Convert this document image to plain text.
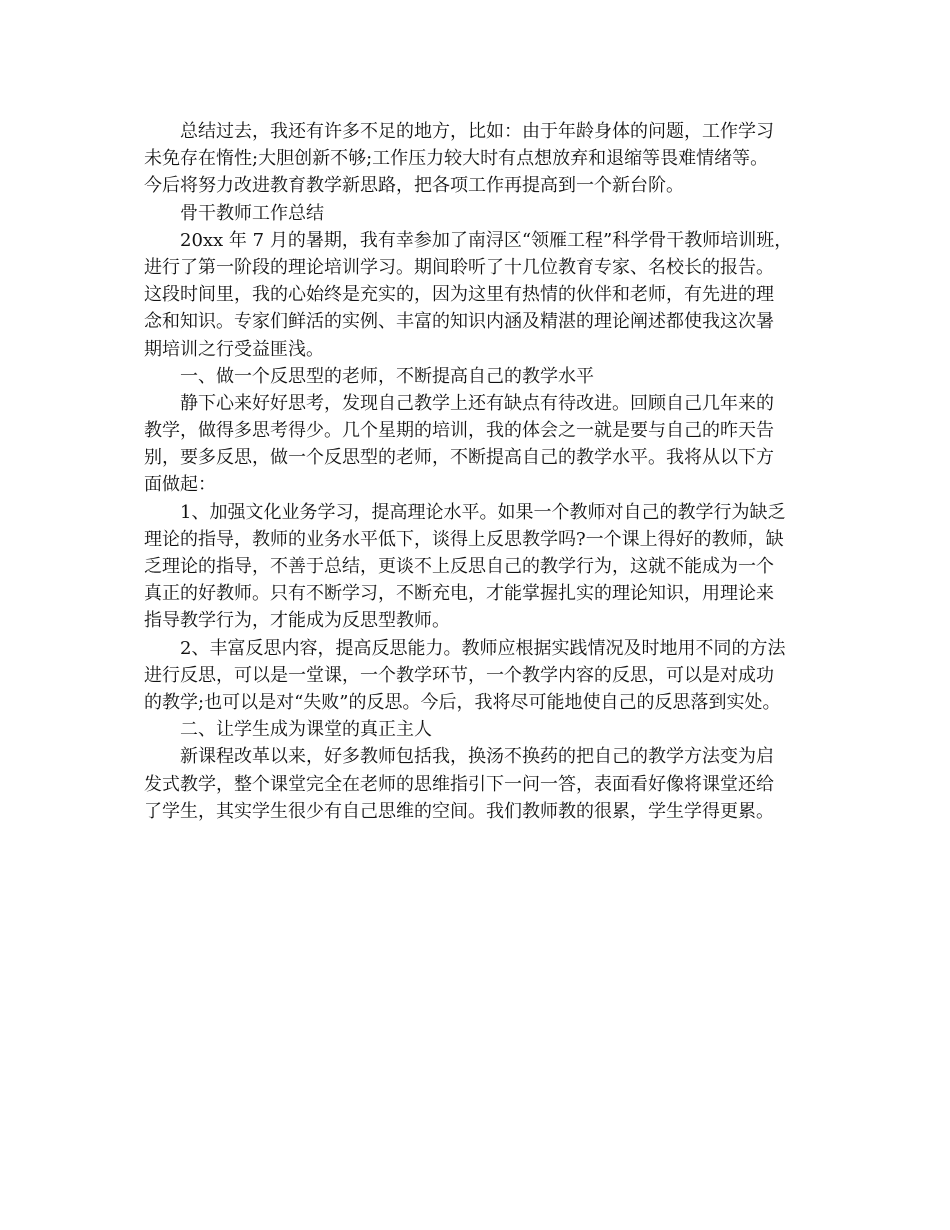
总结过去，我还有许多不足的地方，比如：由于年龄身体的问题，工作学习

未免存在惰性;大胆创新不够;工作压力较大时有点想放弃和退缩等畏难情绪等。

今后将努力改进教育教学新思路，把各项工作再提高到一个新台阶。

骨干教师工作总结

20xx 年 7 月的暑期，我有幸参加了南浔区“领雁工程”科学骨干教师培训班，

进行了第一阶段的理论培训学习。期间聆听了十几位教育专家、名校长的报告。

这段时间里，我的心始终是充实的，因为这里有热情的伙伴和老师，有先进的理

念和知识。专家们鲜活的实例、丰富的知识内涵及精湛的理论阐述都使我这次暑

期培训之行受益匪浅。

一、做一个反思型的老师，不断提高自己的教学水平

静下心来好好思考，发现自己教学上还有缺点有待改进。回顾自己几年来的

教学，做得多思考得少。几个星期的培训，我的体会之一就是要与自己的昨天告

别，要多反思，做一个反思型的老师，不断提高自己的教学水平。我将从以下方

面做起：

1、加强文化业务学习，提高理论水平。如果一个教师对自己的教学行为缺乏

理论的指导，教师的业务水平低下，谈得上反思教学吗?一个课上得好的教师，缺

乏理论的指导，不善于总结，更谈不上反思自己的教学行为，这就不能成为一个

真正的好教师。只有不断学习，不断充电，才能掌握扎实的理论知识，用理论来

指导教学行为，才能成为反思型教师。

2、丰富反思内容，提高反思能力。教师应根据实践情况及时地用不同的方法

进行反思，可以是一堂课，一个教学环节，一个教学内容的反思，可以是对成功

的教学;也可以是对“失败”的反思。今后，我将尽可能地使自己的反思落到实处。

二、让学生成为课堂的真正主人

新课程改革以来，好多教师包括我，换汤不换药的把自己的教学方法变为启

发式教学，整个课堂完全在老师的思维指引下一问一答，表面看好像将课堂还给

了学生，其实学生很少有自己思维的空间。我们教师教的很累，学生学得更累。
